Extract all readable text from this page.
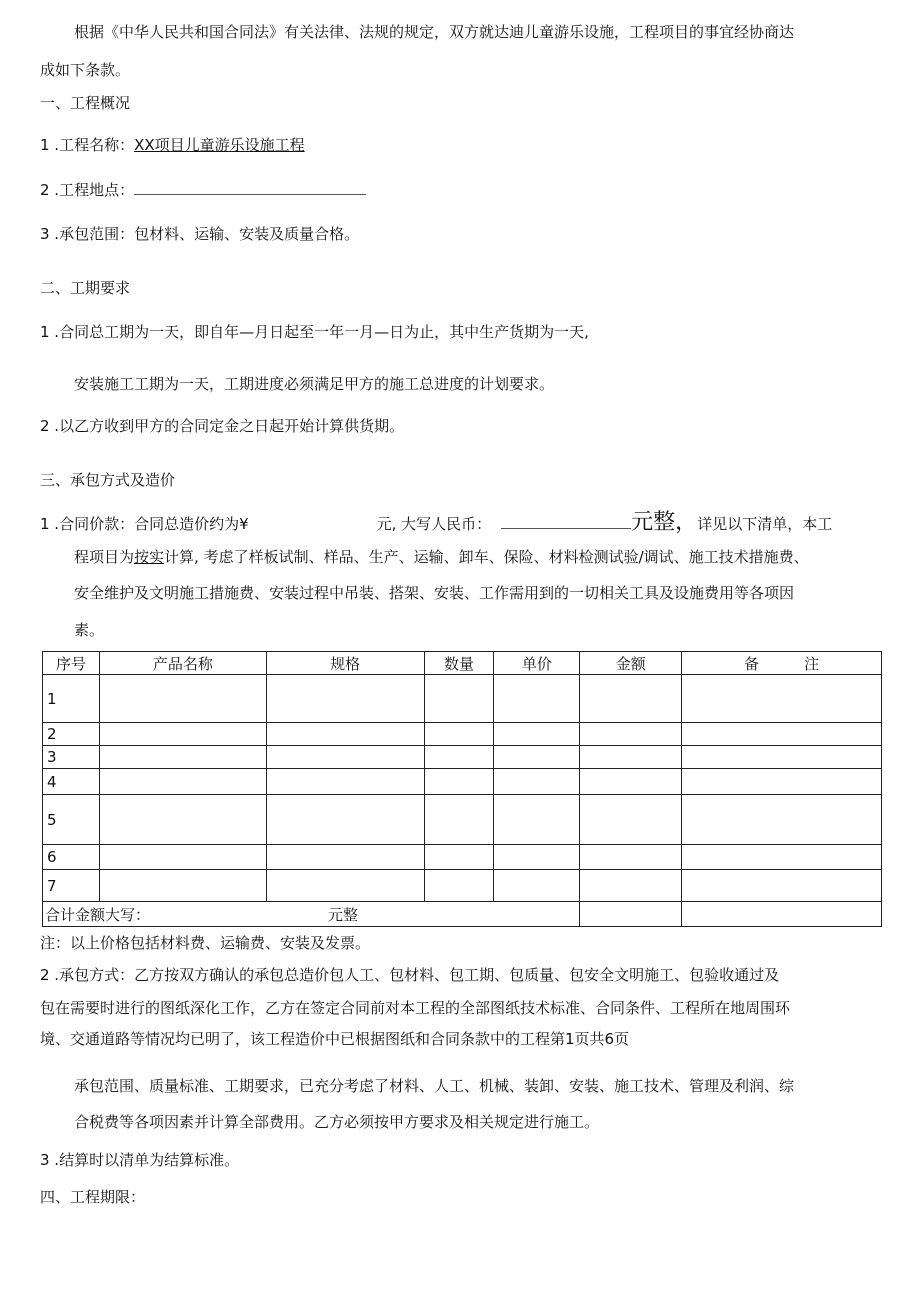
根据《中华人民共和国合同法》有关法律、法规的规定，双方就达迪儿童游乐设施，工程项目的事宜经协商达
成如下条款。
一、工程概况
1 .工程名称：XX项目儿童游乐设施工程
2 .工程地点：
3 .承包范围：包材料、运输、安装及质量合格。
二、工期要求
1 .合同总工期为一天，即自年—月日起至一年一月—日为止，其中生产货期为一天,
安装施工工期为一天，工期进度必须满足甲方的施工总进度的计划要求。
2 .以乙方收到甲方的合同定金之日起开始计算供货期。
三、承包方式及造价
1 .合同价款：合同总造价约为¥	元, 大写人民币：	元整，详见以下清单，本工
程项目为按实计算, 考虑了样板试制、样品、生产、运输、卸车、保险、材料检测试验/调试、施工技术措施费、
安全维护及文明施工措施费、安装过程中吊装、搭架、安装、工作需用到的一切相关工具及设施费用等各项因
素。
序号	产品名称	规格	数量	单价	金额	备　　　注
1						
2						
3						
4						
5						
6						
7						
合计金额大写： 元整						
注：以上价格包括材料费、运输费、安装及发票。
2 .承包方式：乙方按双方确认的承包总造价包人工、包材料、包工期、包质量、包安全文明施工、包验收通过及
包在需要时进行的图纸深化工作，乙方在签定合同前对本工程的全部图纸技术标准、合同条件、工程所在地周围环
境、交通道路等情况均已明了，该工程造价中已根据图纸和合同条款中的工程第1页共6页
承包范围、质量标准、工期要求，已充分考虑了材料、人工、机械、装卸、安装、施工技术、管理及利润、综
合税费等各项因素并计算全部费用。乙方必须按甲方要求及相关规定进行施工。
3 .结算时以清单为结算标准。
四、工程期限：
